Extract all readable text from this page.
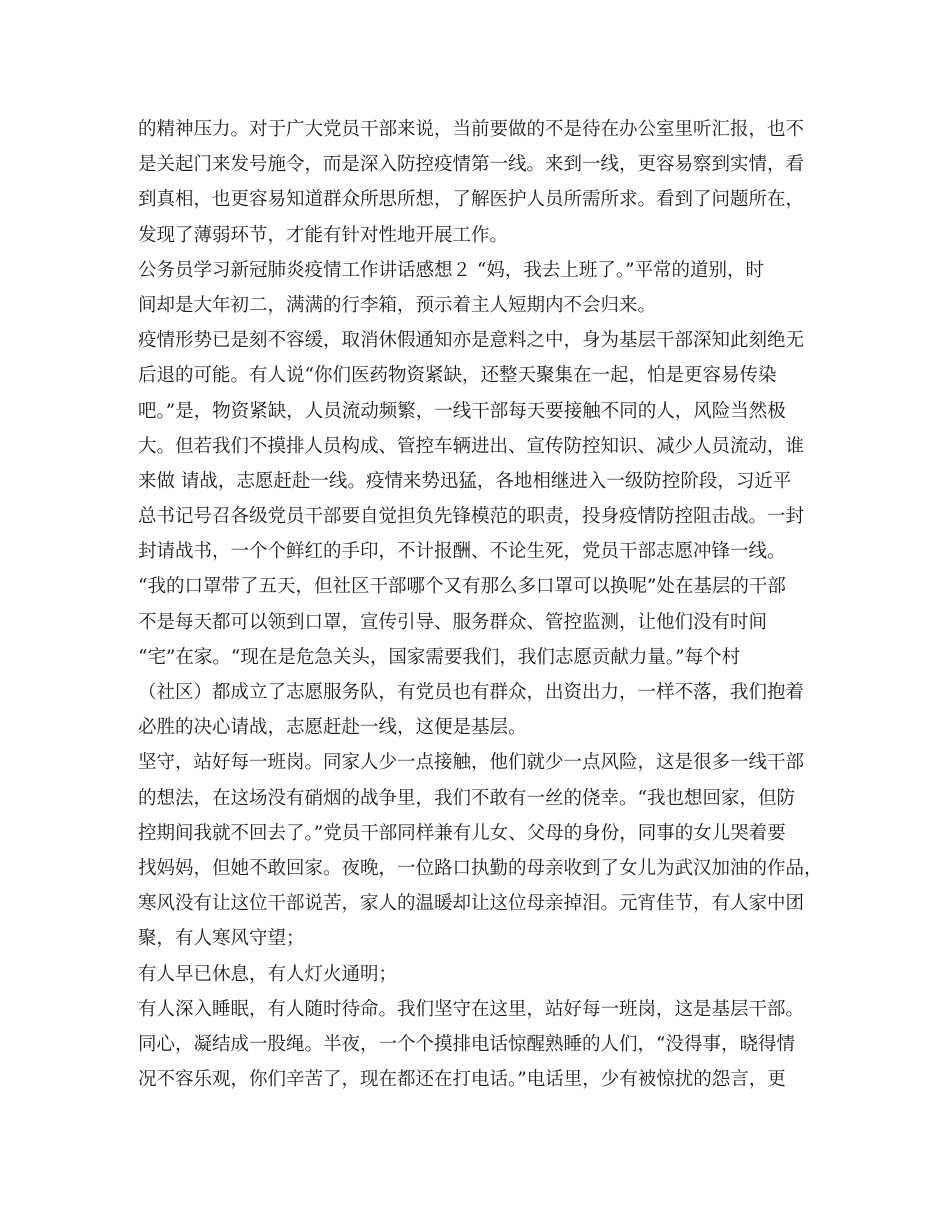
的精神压力。对于广大党员干部来说，当前要做的不是待在办公室里听汇报，也不
是关起门来发号施令，而是深入防控疫情第一线。来到一线，更容易察到实情，看
到真相，也更容易知道群众所思所想，了解医护人员所需所求。看到了问题所在，
发现了薄弱环节，才能有针对性地开展工作。
公务员学习新冠肺炎疫情工作讲话感想２ “妈，我去上班了。”平常的道别，时
间却是大年初二，满满的行李箱，预示着主人短期内不会归来。
疫情形势已是刻不容缓，取消休假通知亦是意料之中，身为基层干部深知此刻绝无
后退的可能。有人说“你们医药物资紧缺，还整天聚集在一起，怕是更容易传染
吧。”是，物资紧缺，人员流动频繁，一线干部每天要接触不同的人，风险当然极
大。但若我们不摸排人员构成、管控车辆进出、宣传防控知识、减少人员流动，谁
来做 请战，志愿赶赴一线。疫情来势迅猛，各地相继进入一级防控阶段，习近平
总书记号召各级党员干部要自觉担负先锋模范的职责，投身疫情防控阻击战。一封
封请战书，一个个鲜红的手印，不计报酬、不论生死，党员干部志愿冲锋一线。
“我的口罩带了五天，但社区干部哪个又有那么多口罩可以换呢”处在基层的干部
不是每天都可以领到口罩，宣传引导、服务群众、管控监测，让他们没有时间
“宅”在家。“现在是危急关头，国家需要我们，我们志愿贡献力量。”每个村
（社区）都成立了志愿服务队，有党员也有群众，出资出力，一样不落，我们抱着
必胜的决心请战，志愿赶赴一线，这便是基层。
坚守，站好每一班岗。同家人少一点接触，他们就少一点风险，这是很多一线干部
的想法，在这场没有硝烟的战争里，我们不敢有一丝的侥幸。“我也想回家，但防
控期间我就不回去了。”党员干部同样兼有儿女、父母的身份，同事的女儿哭着要
找妈妈，但她不敢回家。夜晚，一位路口执勤的母亲收到了女儿为武汉加油的作品，
寒风没有让这位干部说苦，家人的温暖却让这位母亲掉泪。元宵佳节，有人家中团
聚，有人寒风守望；
有人早已休息，有人灯火通明；
有人深入睡眠，有人随时待命。我们坚守在这里，站好每一班岗，这是基层干部。
同心，凝结成一股绳。半夜，一个个摸排电话惊醒熟睡的人们，“没得事，晓得情
况不容乐观，你们辛苦了，现在都还在打电话。”电话里，少有被惊扰的怨言，更
